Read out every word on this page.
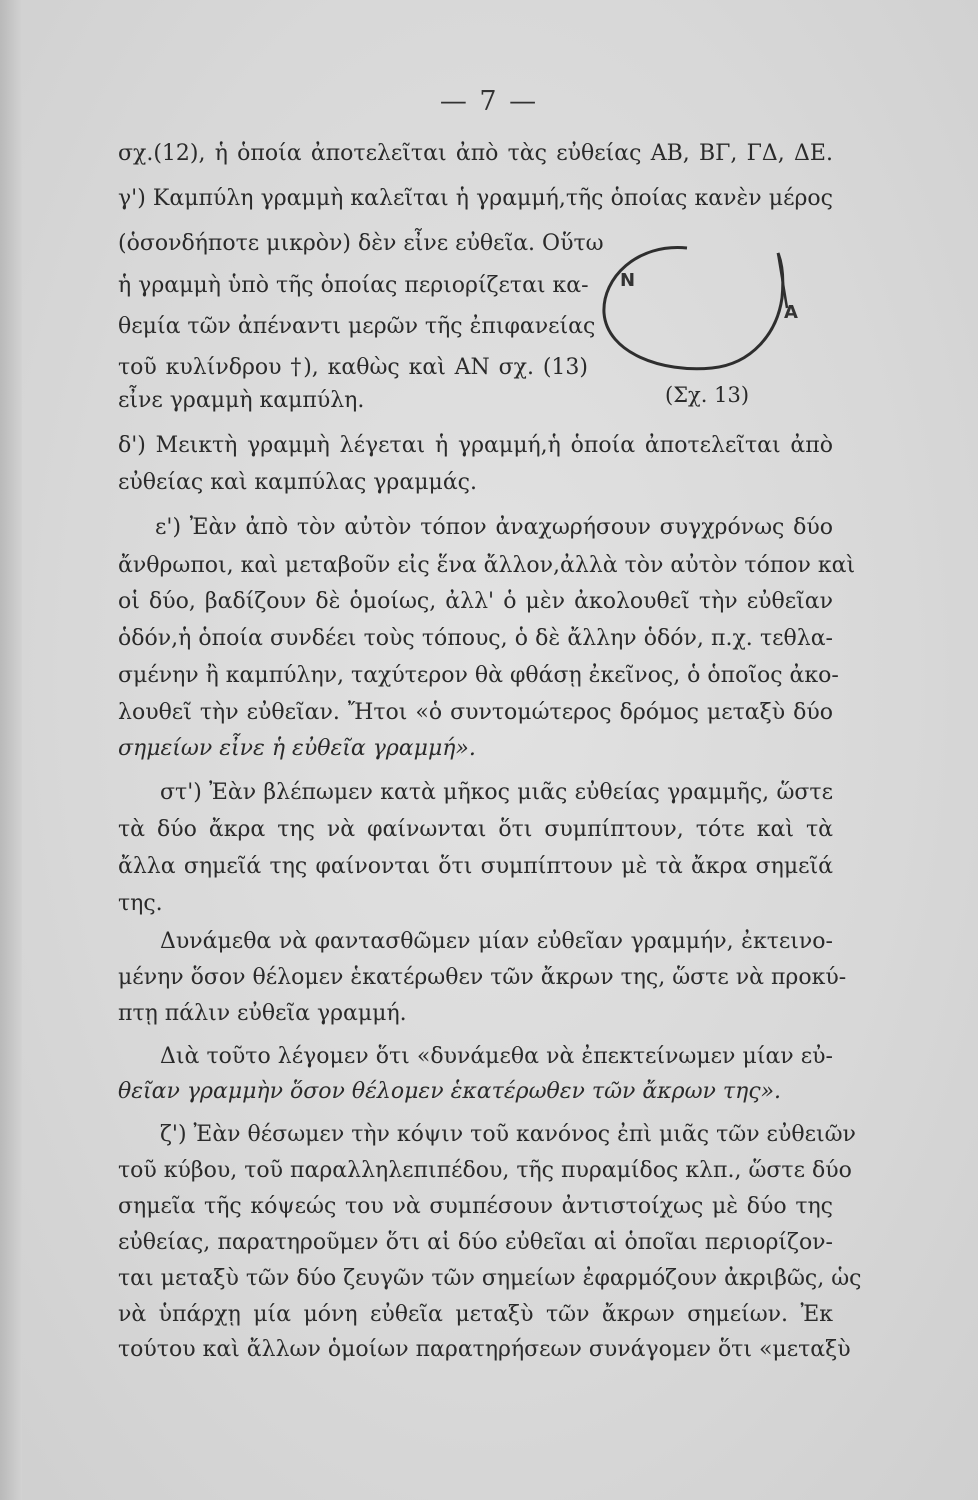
— 7 —
σχ.(12), ἡ ὁποία ἀποτελεῖται ἀπὸ τὰς εὐθείας ΑΒ, ΒΓ, ΓΔ, ΔΕ.
γ') Καμπύλη γραμμὴ καλεῖται ἡ γραμμή,τῆς ὁποίας κανὲν μέρος
(ὁσονδήποτε μικρὸν) δὲν εἶνε εὐθεῖα. Οὕτω
ἡ γραμμὴ ὑπὸ τῆς ὁποίας περιορίζεται κα-
θεμία τῶν ἀπέναντι μερῶν τῆς ἐπιφανείας
τοῦ κυλίνδρου †), καθὼς καὶ ΑΝ σχ. (13)
εἶνε γραμμὴ καμπύλη.
N
A
(Σχ. 13)
δ') Μεικτὴ γραμμὴ λέγεται ἡ γραμμή,ἡ ὁποία ἀποτελεῖται ἀπὸ
εὐθείας καὶ καμπύλας γραμμάς.
ε') Ἐὰν ἀπὸ τὸν αὐτὸν τόπον ἀναχωρήσουν συγχρόνως δύο
ἄνθρωποι, καὶ μεταβοῦν εἰς ἕνα ἄλλον,ἀλλὰ τὸν αὐτὸν τόπον καὶ
οἱ δύο, βαδίζουν δὲ ὁμοίως, ἀλλ' ὁ μὲν ἀκολουθεῖ τὴν εὐθεῖαν
ὁδόν,ἡ ὁποία συνδέει τοὺς τόπους, ὁ δὲ ἄλλην ὁδόν, π.χ. τεθλα-
σμένην ἢ καμπύλην, ταχύτερον θὰ φθάσῃ ἐκεῖνος, ὁ ὁποῖος ἀκο-
λουθεῖ τὴν εὐθεῖαν. Ἤτοι «ὁ συντομώτερος δρόμος μεταξὺ δύο
σημείων εἶνε ἡ εὐθεῖα γραμμή».
στ') Ἐὰν βλέπωμεν κατὰ μῆκος μιᾶς εὐθείας γραμμῆς, ὥστε
τὰ δύο ἄκρα της νὰ φαίνωνται ὅτι συμπίπτουν, τότε καὶ τὰ
ἄλλα σημεῖά της φαίνονται ὅτι συμπίπτουν μὲ τὰ ἄκρα σημεῖά
της.
Δυνάμεθα νὰ φαντασθῶμεν μίαν εὐθεῖαν γραμμήν, ἐκτεινο-
μένην ὅσον θέλομεν ἑκατέρωθεν τῶν ἄκρων της, ὥστε νὰ προκύ-
πτῃ πάλιν εὐθεῖα γραμμή.
Διὰ τοῦτο λέγομεν ὅτι «δυνάμεθα νὰ ἐπεκτείνωμεν μίαν εὐ-
θεῖαν γραμμὴν ὅσον θέλομεν ἑκατέρωθεν τῶν ἄκρων της».
ζ') Ἐὰν θέσωμεν τὴν κόψιν τοῦ κανόνος ἐπὶ μιᾶς τῶν εὐθειῶν
τοῦ κύβου, τοῦ παραλληλεπιπέδου, τῆς πυραμίδος κλπ., ὥστε δύο
σημεῖα τῆς κόψεώς του νὰ συμπέσουν ἀντιστοίχως μὲ δύο της
εὐθείας, παρατηροῦμεν ὅτι αἱ δύο εὐθεῖαι αἱ ὁποῖαι περιορίζον-
ται μεταξὺ τῶν δύο ζευγῶν τῶν σημείων ἐφαρμόζουν ἀκριβῶς, ὡς
νὰ ὑπάρχῃ μία μόνη εὐθεῖα μεταξὺ τῶν ἄκρων σημείων. Ἐκ
τούτου καὶ ἄλλων ὁμοίων παρατηρήσεων συνάγομεν ὅτι «μεταξὺ
